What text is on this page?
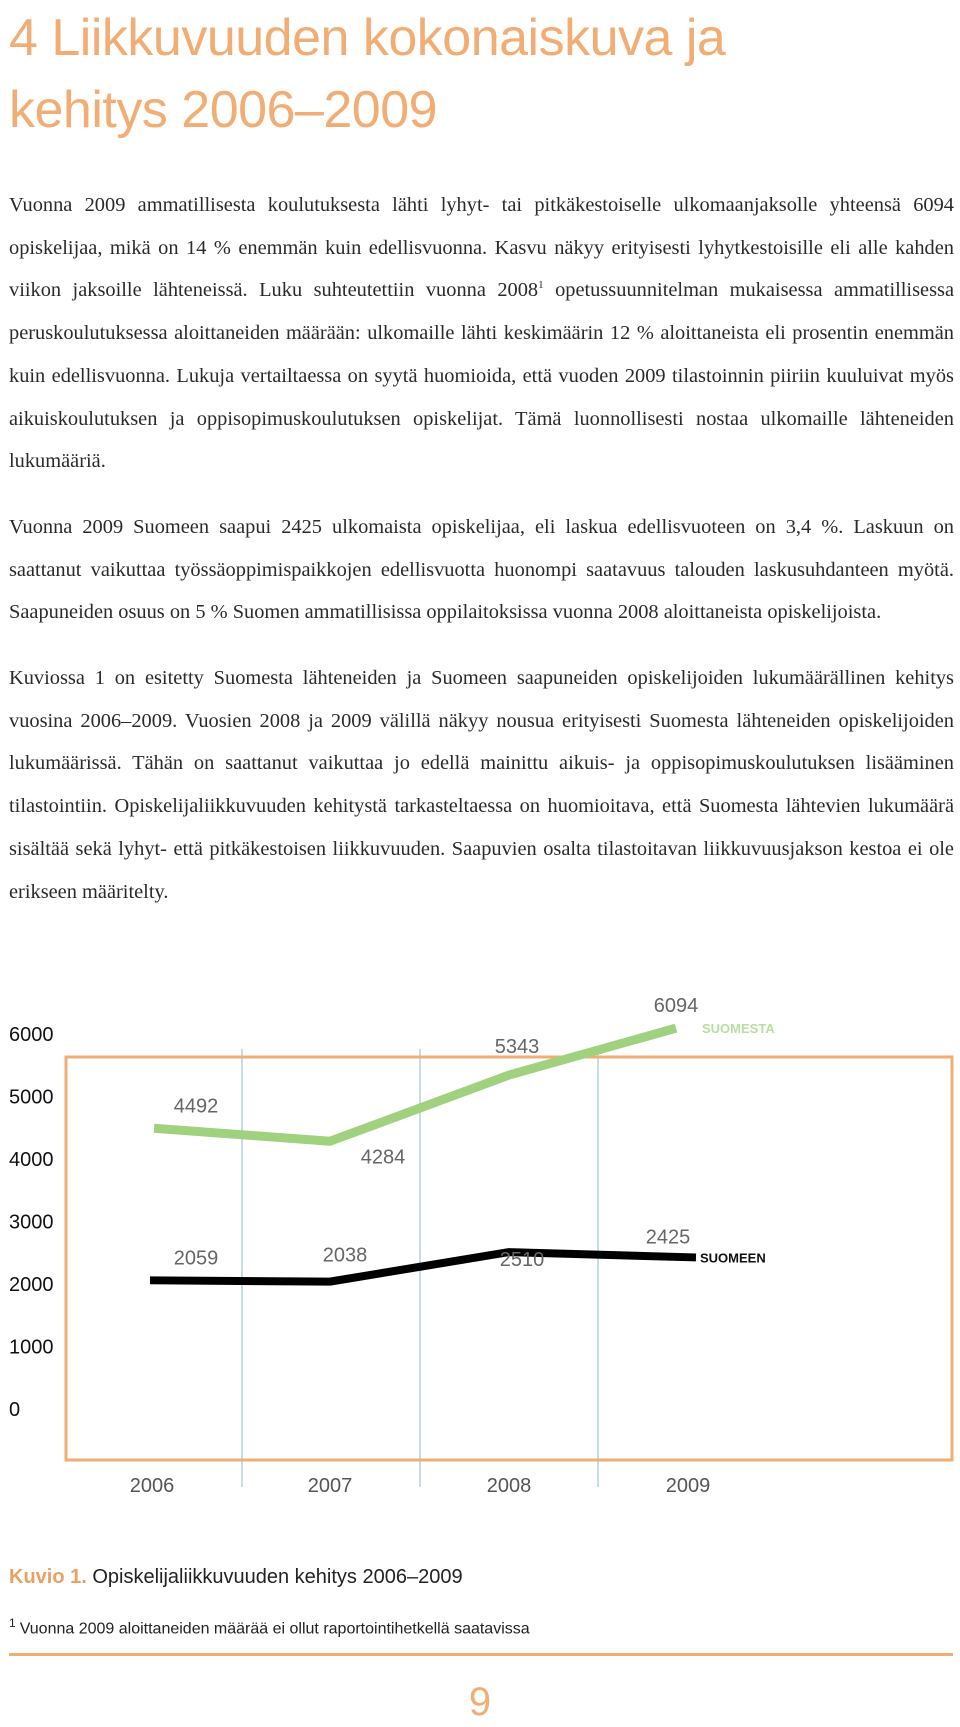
4 Liikkuvuuden kokonaiskuva ja
kehitys 2006–2009

Vuonna 2009 ammatillisesta koulutuksesta lähti lyhyt- tai pitkäkestoiselle ulkomaanjaksolle yhteensä 6094 opiskelijaa, mikä on 14 % enemmän kuin edellisvuonna. Kasvu näkyy erityisesti lyhytkestoisille eli alle kahden viikon jaksoille lähteneissä. Luku suhteutettiin vuonna 2008$^1$ opetussuunnitelman mukaisessa ammatillisessa peruskoulutuksessa aloittaneiden määrään: ulkomaille lähti keskimäärin 12 % aloittaneista eli prosentin enemmän kuin edellisvuonna. Lukuja vertailtaessa on syytä huomioida, että vuoden 2009 tilastoinnin piiriin kuuluivat myös aikuiskoulutuksen ja oppisopimuskoulutuksen opiskelijat. Tämä luonnollisesti nostaa ulkomaille lähteneiden lukumääriä.

Vuonna 2009 Suomeen saapui 2425 ulkomaista opiskelijaa, eli laskua edellisvuoteen on 3,4 %. Laskuun on saattanut vaikuttaa työssäoppimispaikkojen edellisvuotta huonompi saatavuus talouden laskusuhdanteen myötä. Saapuneiden osuus on 5 % Suomen ammatillisissa oppilaitoksissa vuonna 2008 aloittaneista opiskelijoista.

Kuviossa 1 on esitetty Suomesta lähteneiden ja Suomeen saapuneiden opiskelijoiden lukumäärällinen kehitys vuosina 2006–2009. Vuosien 2008 ja 2009 välillä näkyy nousua erityisesti Suomesta lähteneiden opiskelijoiden lukumäärissä. Tähän on saattanut vaikuttaa jo edellä mainittu aikuis- ja oppisopimuskoulutuksen lisääminen tilastointiin. Opiskelijaliikkuvuuden kehitystä tarkasteltaessa on huomioitava, että Suomesta lähtevien lukumäärä sisältää sekä lyhyt- että pitkäkestoisen liikkuvuuden. Saapuvien osalta tilastoitavan liikkuvuusjakson kestoa ei ole erikseen määritelty.

0
1000
2000
3000
4000
5000
6000
2006	2007	2008	2009
4492
4284
5343
6094
SUOMESTA
2059	2038	2510
2425
SUOMEEN
Kuvio 1. Opiskelijaliikkuvuuden kehitys 2006–2009
$^1$ Vuonna 2009 aloittaneiden määrää ei ollut raportointihetkellä saatavissa
9
